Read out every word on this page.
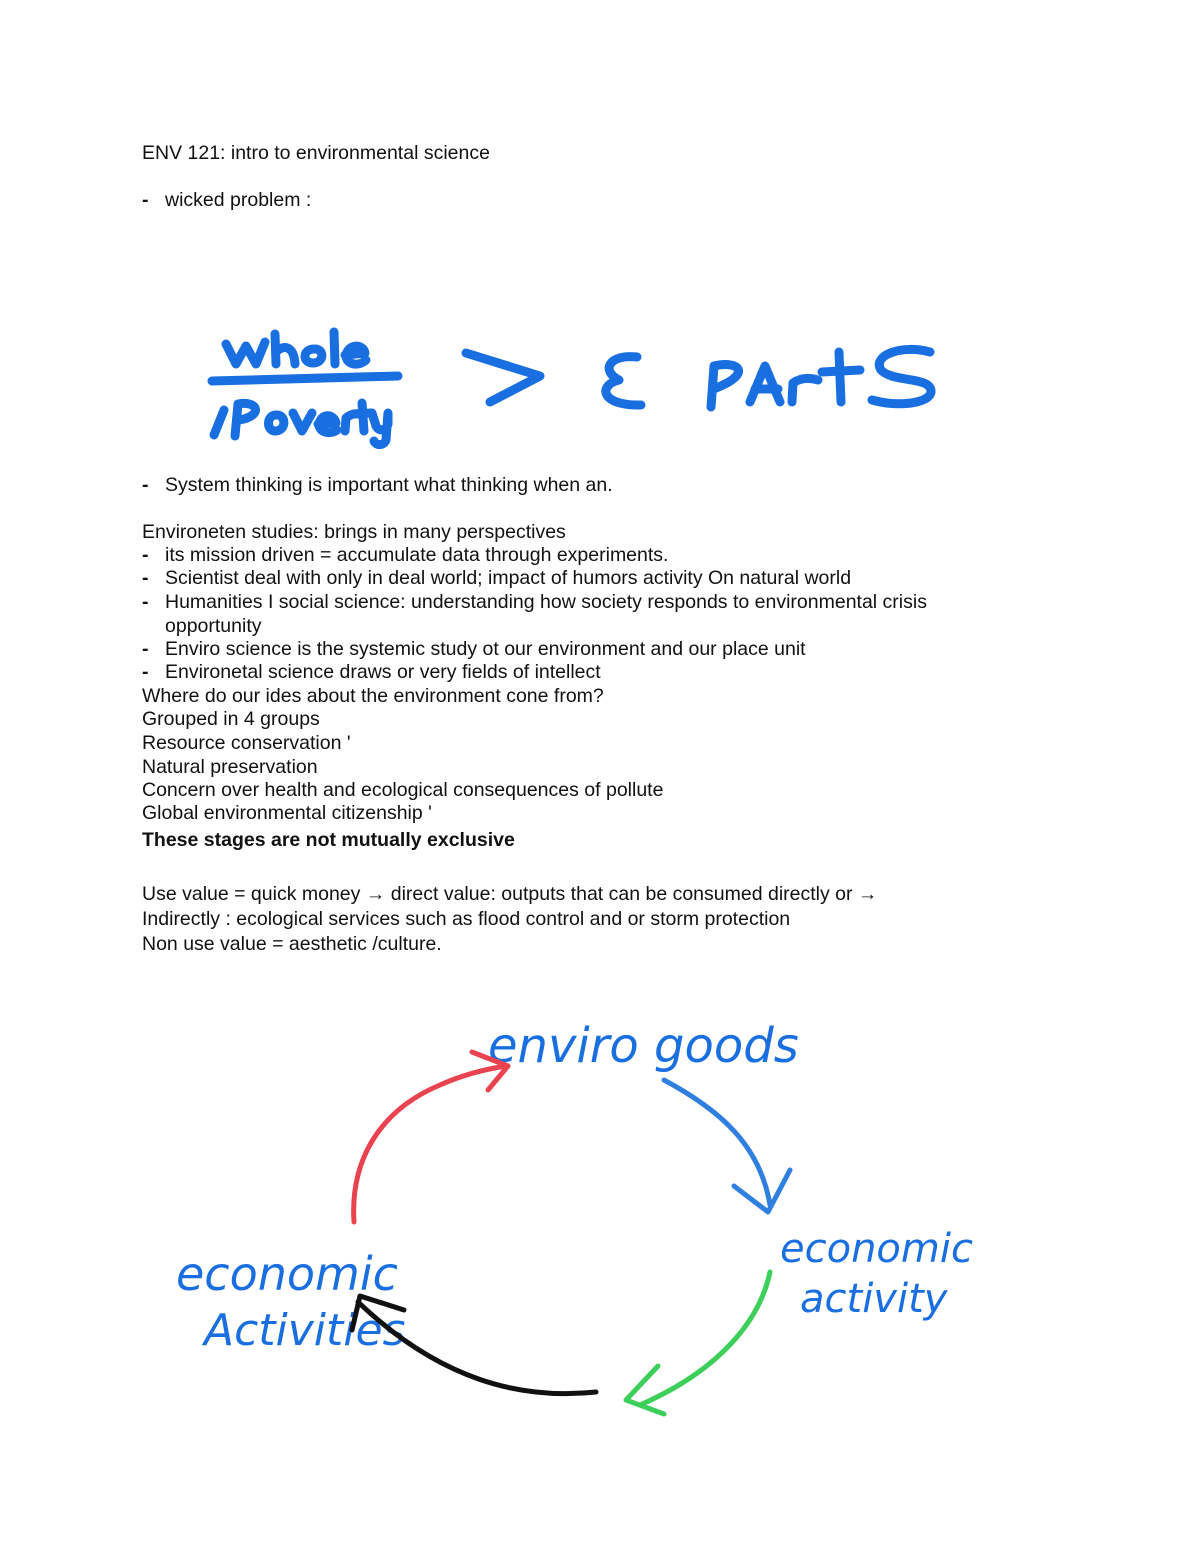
ENV 121: intro to environmental science
- wicked problem :
- System thinking is important what thinking when an.
Environeten studies: brings in many perspectives
- its mission driven = accumulate data through experiments.
- Scientist deal with only in deal world; impact of humors activity On natural world
- Humanities I social science: understanding how society responds to environmental crisis
opportunity
- Enviro science is the systemic study ot our environment and our place unit
- Environetal science draws or very fields of intellect
Where do our ides about the environment cone from?
Grouped in 4 groups
Resource conservation '
Natural preservation
Concern over health and ecological consequences of pollute
Global environmental citizenship '
These stages are not mutually exclusive
Use value = quick money → direct value: outputs that can be consumed directly or →
Indirectly : ecological services such as flood control and or storm protection
Non use value = aesthetic /culture.
enviro goods
economic
activity
economic
Activities
